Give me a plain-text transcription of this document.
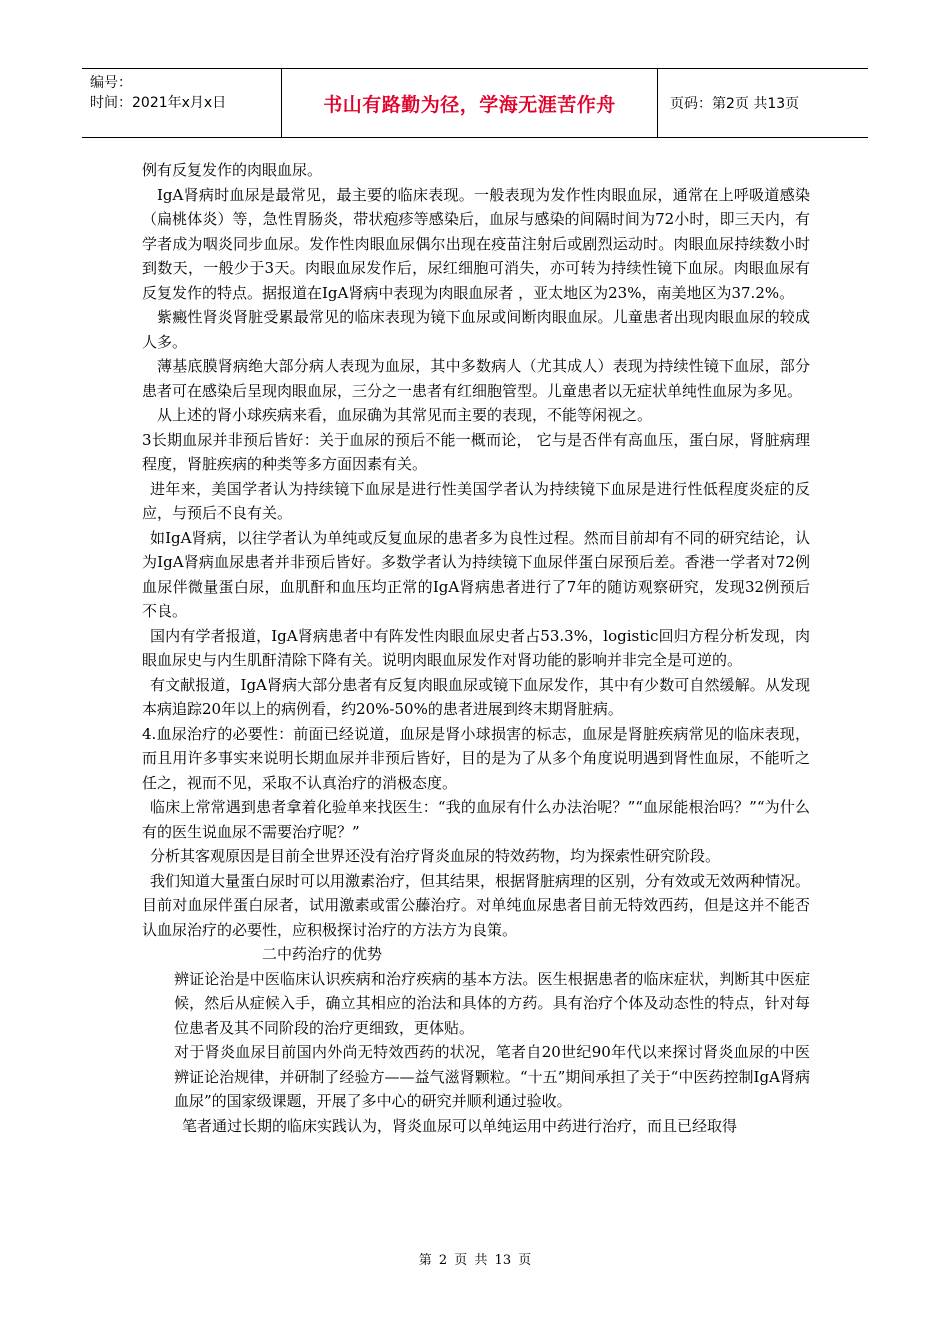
编号：
时间：2021年x月x日	书山有路勤为径，学海无涯苦作舟	页码：第2页 共13页

例有反复发作的肉眼血尿。

IgA肾病时血尿是最常见，最主要的临床表现。一般表现为发作性肉眼血尿，通常在上呼吸道感染（扁桃体炎）等，急性胃肠炎，带状疱疹等感染后，血尿与感染的间隔时间为72小时，即三天内，有学者成为咽炎同步血尿。发作性肉眼血尿偶尔出现在疫苗注射后或剧烈运动时。肉眼血尿持续数小时到数天，一般少于3天。肉眼血尿发作后，尿红细胞可消失，亦可转为持续性镜下血尿。肉眼血尿有反复发作的特点。据报道在IgA肾病中表现为肉眼血尿者 ，亚太地区为23%，南美地区为37.2%。

紫癜性肾炎肾脏受累最常见的临床表现为镜下血尿或间断肉眼血尿。儿童患者出现肉眼血尿的较成人多。

薄基底膜肾病绝大部分病人表现为血尿，其中多数病人（尤其成人）表现为持续性镜下血尿，部分患者可在感染后呈现肉眼血尿，三分之一患者有红细胞管型。儿童患者以无症状单纯性血尿为多见。

从上述的肾小球疾病来看，血尿确为其常见而主要的表现，不能等闲视之。

3长期血尿并非预后皆好：关于血尿的预后不能一概而论， 它与是否伴有高血压，蛋白尿，肾脏病理程度，肾脏疾病的种类等多方面因素有关。

进年来，美国学者认为持续镜下血尿是进行性美国学者认为持续镜下血尿是进行性低程度炎症的反应，与预后不良有关。

如IgA肾病，以往学者认为单纯或反复血尿的患者多为良性过程。然而目前却有不同的研究结论，认为IgA肾病血尿患者并非预后皆好。多数学者认为持续镜下血尿伴蛋白尿预后差。香港一学者对72例血尿伴微量蛋白尿，血肌酐和血压均正常的IgA肾病患者进行了7年的随访观察研究，发现32例预后不良。

国内有学者报道，IgA肾病患者中有阵发性肉眼血尿史者占53.3%，logistic回归方程分析发现，肉眼血尿史与内生肌酐清除下降有关。说明肉眼血尿发作对肾功能的影响并非完全是可逆的。

有文献报道，IgA肾病大部分患者有反复肉眼血尿或镜下血尿发作，其中有少数可自然缓解。从发现本病追踪20年以上的病例看，约20%-50%的患者进展到终末期肾脏病。

4.血尿治疗的必要性：前面已经说道，血尿是肾小球损害的标志，血尿是肾脏疾病常见的临床表现，而且用许多事实来说明长期血尿并非预后皆好，目的是为了从多个角度说明遇到肾性血尿，不能听之任之，视而不见，采取不认真治疗的消极态度。

临床上常常遇到患者拿着化验单来找医生：“我的血尿有什么办法治呢？”“血尿能根治吗？”“为什么有的医生说血尿不需要治疗呢？”

分析其客观原因是目前全世界还没有治疗肾炎血尿的特效药物，均为探索性研究阶段。

我们知道大量蛋白尿时可以用激素治疗，但其结果，根据肾脏病理的区别，分有效或无效两种情况。目前对血尿伴蛋白尿者，试用激素或雷公藤治疗。对单纯血尿患者目前无特效西药，但是这并不能否认血尿治疗的必要性，应积极探讨治疗的方法方为良策。

二中药治疗的优势

辨证论治是中医临床认识疾病和治疗疾病的基本方法。医生根据患者的临床症状，判断其中医症候，然后从症候入手，确立其相应的治法和具体的方药。具有治疗个体及动态性的特点，针对每位患者及其不同阶段的治疗更细致，更体贴。

对于肾炎血尿目前国内外尚无特效西药的状况，笔者自20世纪90年代以来探讨肾炎血尿的中医辨证论治规律，并研制了经验方——益气滋肾颗粒。“十五”期间承担了关于“中医药控制IgA肾病血尿”的国家级课题，开展了多中心的研究并顺利通过验收。

笔者通过长期的临床实践认为，肾炎血尿可以单纯运用中药进行治疗，而且已经取得

第 2 页 共 13 页
